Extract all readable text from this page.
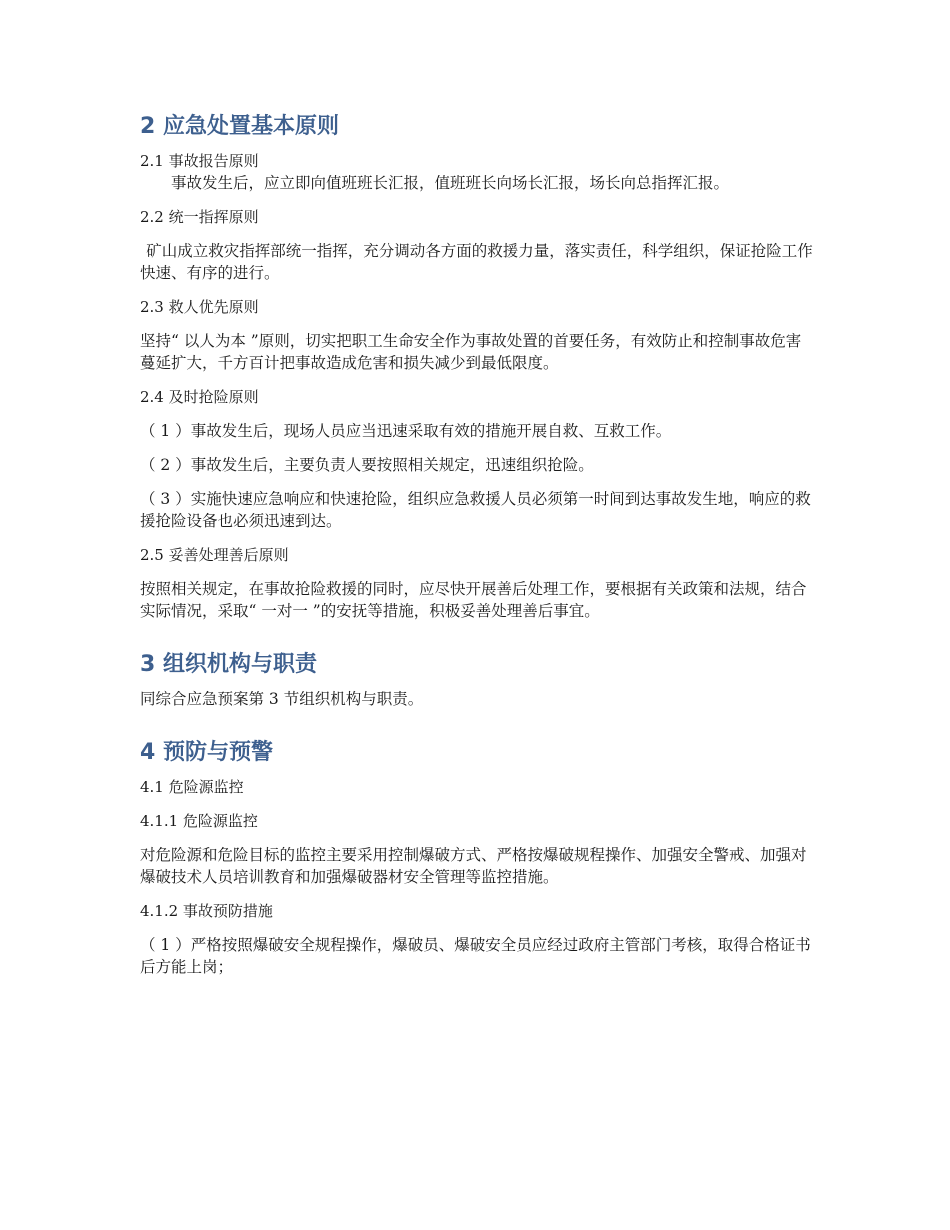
2 应急处置基本原则

2.1 事故报告原则

事故发生后，应立即向值班班长汇报，值班班长向场长汇报，场长向总指挥汇报。

2.2 统一指挥原则

矿山成立救灾指挥部统一指挥，充分调动各方面的救援力量，落实责任，科学组织，保证抢险工作快速、有序的进行。

2.3 救人优先原则

坚持“ 以人为本 ”原则，切实把职工生命安全作为事故处置的首要任务，有效防止和控制事故危害蔓延扩大，千方百计把事故造成危害和损失减少到最低限度。

2.4 及时抢险原则

（ 1 ）事故发生后，现场人员应当迅速采取有效的措施开展自救、互救工作。

（ 2 ）事故发生后，主要负责人要按照相关规定，迅速组织抢险。

（ 3 ）实施快速应急响应和快速抢险，组织应急救援人员必须第一时间到达事故发生地，响应的救援抢险设备也必须迅速到达。

2.5 妥善处理善后原则

按照相关规定，在事故抢险救援的同时，应尽快开展善后处理工作，要根据有关政策和法规，结合实际情况，采取“ 一对一 ”的安抚等措施，积极妥善处理善后事宜。

3 组织机构与职责

同综合应急预案第 3 节组织机构与职责。

4 预防与预警

4.1 危险源监控

4.1.1 危险源监控

对危险源和危险目标的监控主要采用控制爆破方式、严格按爆破规程操作、加强安全警戒、加强对爆破技术人员培训教育和加强爆破器材安全管理等监控措施。

4.1.2 事故预防措施

（ 1 ）严格按照爆破安全规程操作，爆破员、爆破安全员应经过政府主管部门考核，取得合格证书后方能上岗；
